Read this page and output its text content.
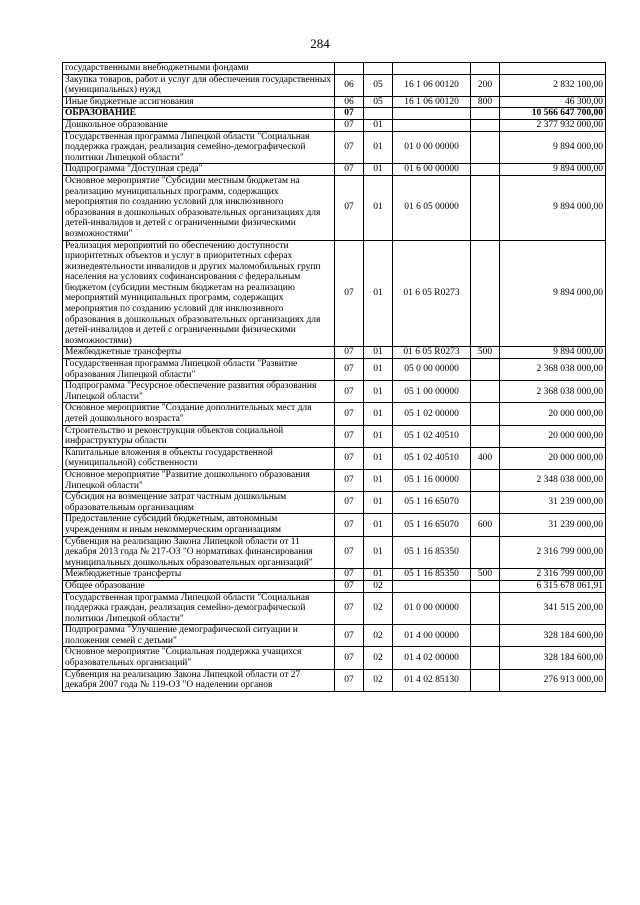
284
государственными внебюджетными фондами					
Закупка товаров, работ и услуг для обеспечения государственных (муниципальных) нужд	06	05	16 1 06 00120	200	2 832 100,00
Иные бюджетные ассигнования	06	05	16 1 06 00120	800	46 300,00
ОБРАЗОВАНИЕ	07				10 566 647 700,00
Дошкольное образование	07	01			2 377 932 000,00
Государственная программа Липецкой области "Социальная поддержка граждан, реализация семейно-демографической политики Липецкой области"	07	01	01 0 00 00000		9 894 000,00
Подпрограмма "Доступная среда"	07	01	01 6 00 00000		9 894 000,00
Основное мероприятие "Субсидии местным бюджетам на реализацию муниципальных программ, содержащих мероприятия по созданию условий для инклюзивного образования в дошкольных образовательных организациях для детей-инвалидов и детей с ограниченными физическими возможностями"	07	01	01 6 05 00000		9 894 000,00
Реализация мероприятий по обеспечению доступности приоритетных объектов и услуг в приоритетных сферах жизнедеятельности инвалидов и других маломобильных групп населения на условиях софинансирования с федеральным бюджетом (субсидии местным бюджетам на реализацию мероприятий муниципальных программ, содержащих мероприятия по созданию условий для инклюзивного образования в дошкольных образовательных организациях для детей-инвалидов и детей с ограниченными физическими возможностями)	07	01	01 6 05 R0273		9 894 000,00
Межбюджетные трансферты	07	01	01 6 05 R0273	500	9 894 000,00
Государственная программа Липецкой области "Развитие образования Липецкой области"	07	01	05 0 00 00000		2 368 038 000,00
Подпрограмма "Ресурсное обеспечение развития образования Липецкой области"	07	01	05 1 00 00000		2 368 038 000,00
Основное мероприятие "Создание дополнительных мест для детей дошкольного возраста"	07	01	05 1 02 00000		20 000 000,00
Строительство и реконструкция объектов социальной инфраструктуры области	07	01	05 1 02 40510		20 000 000,00
Капитальные вложения в объекты государственной (муниципальной) собственности	07	01	05 1 02 40510	400	20 000 000,00
Основное мероприятие "Развитие дошкольного образования Липецкой области"	07	01	05 1 16 00000		2 348 038 000,00
Субсидия на возмещение затрат частным дошкольным образовательным организациям	07	01	05 1 16 65070		31 239 000,00
Предоставление субсидий бюджетным, автономным учреждениям и иным некоммерческим организациям	07	01	05 1 16 65070	600	31 239 000,00
Субвенция на реализацию Закона Липецкой области от 11 декабря 2013 года № 217-ОЗ "О нормативах финансирования муниципальных дошкольных образовательных организаций"	07	01	05 1 16 85350		2 316 799 000,00
Межбюджетные трансферты	07	01	05 1 16 85350	500	2 316 799 000,00
Общее образование	07	02			6 315 678 061,91
Государственная программа Липецкой области "Социальная поддержка граждан, реализация семейно-демографической политики Липецкой области"	07	02	01 0 00 00000		341 515 200,00
Подпрограмма "Улучшение демографической ситуации и положения семей с детьми"	07	02	01 4 00 00000		328 184 600,00
Основное мероприятие "Социальная поддержка учащихся образовательных организаций"	07	02	01 4 02 00000		328 184 600,00
Субвенция на реализацию Закона Липецкой области от 27 декабря 2007 года № 119-ОЗ "О наделении органов	07	02	01 4 02 85130		276 913 000,00
